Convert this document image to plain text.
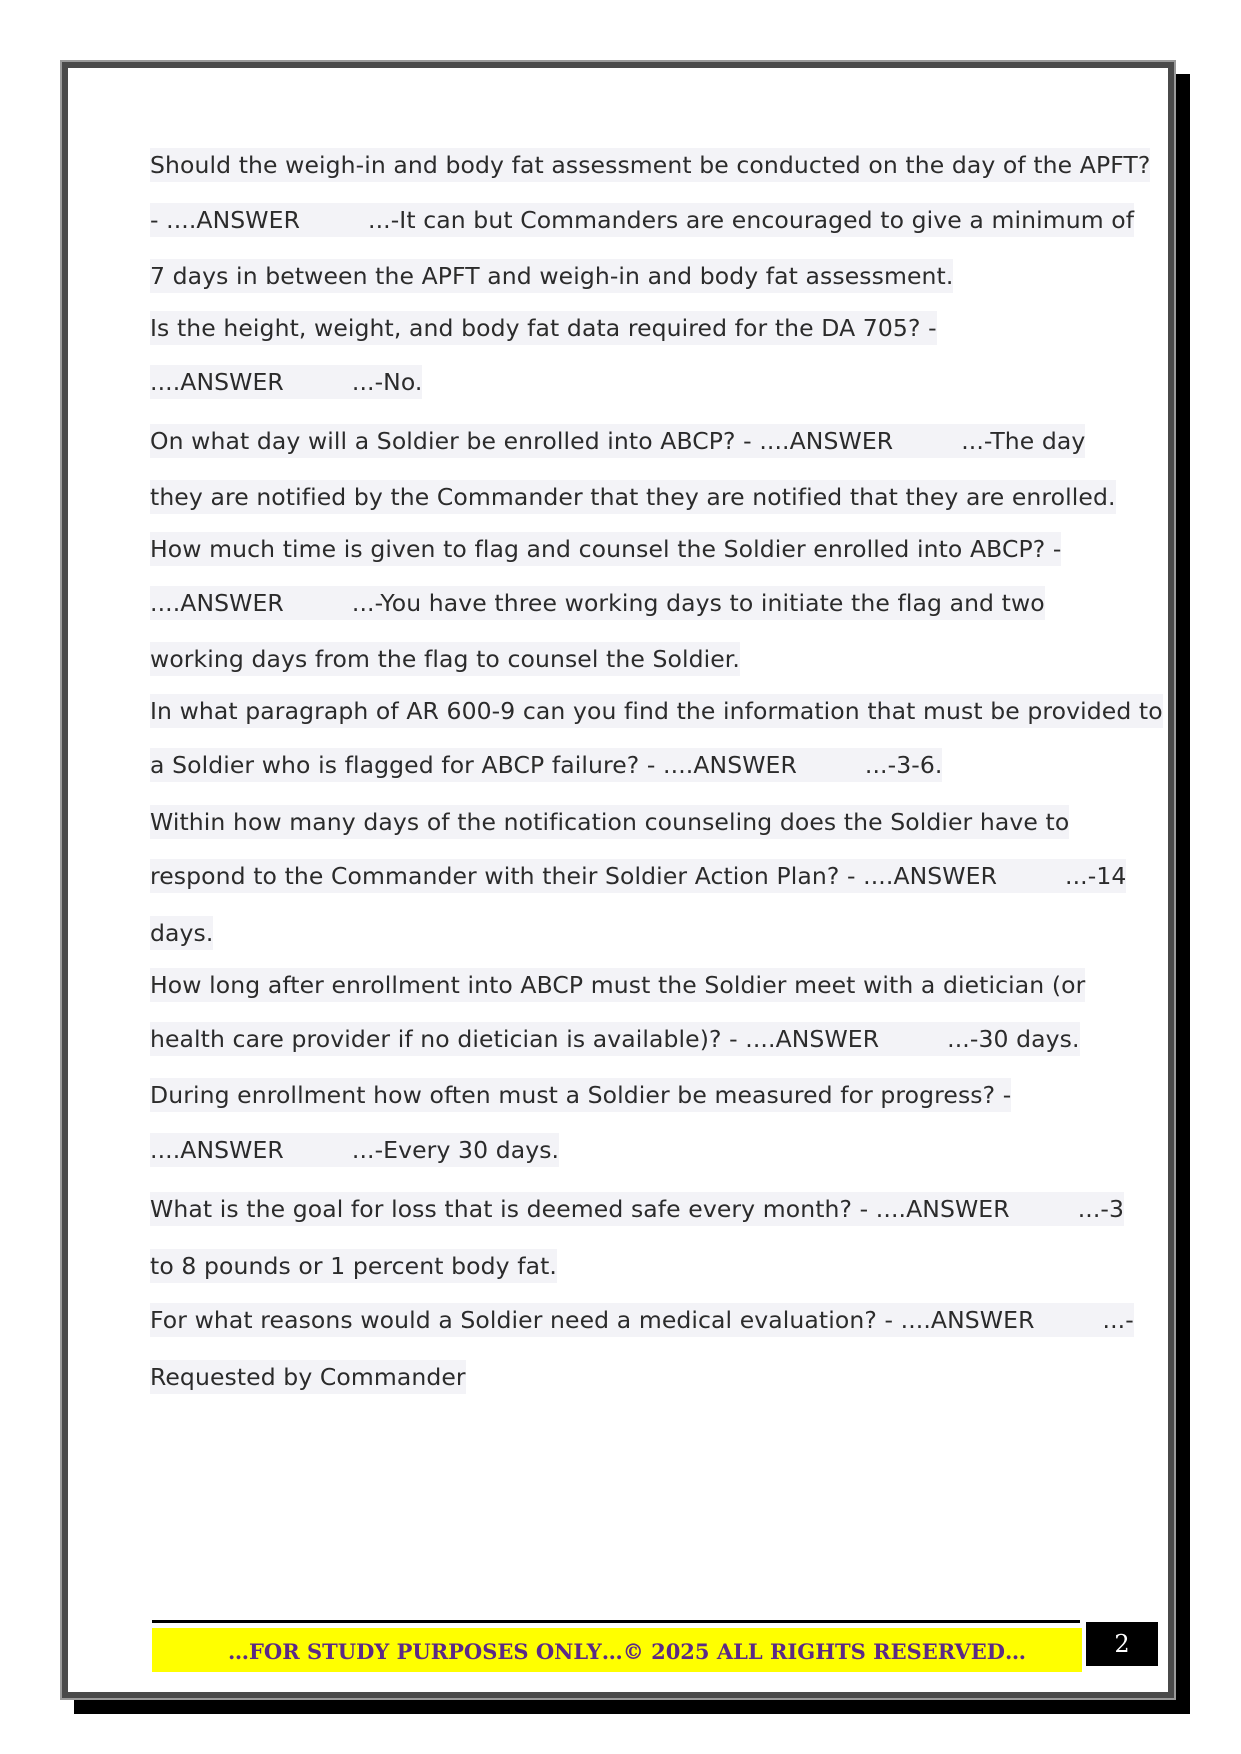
Should the weigh-in and body fat assessment be conducted on the day of the APFT?
- ....ANSWER	...-It can but Commanders are encouraged to give a minimum of
7 days in between the APFT and weigh-in and body fat assessment.
Is the height, weight, and body fat data required for the DA 705? -
....ANSWER	...-No.
On what day will a Soldier be enrolled into ABCP? - ....ANSWER	...-The day
they are notified by the Commander that they are notified that they are enrolled.
How much time is given to flag and counsel the Soldier enrolled into ABCP? -
....ANSWER	...-You have three working days to initiate the flag and two
working days from the flag to counsel the Soldier.
In what paragraph of AR 600-9 can you find the information that must be provided to
a Soldier who is flagged for ABCP failure? - ....ANSWER	...-3-6.
Within how many days of the notification counseling does the Soldier have to
respond to the Commander with their Soldier Action Plan? - ....ANSWER	...-14
days.
How long after enrollment into ABCP must the Soldier meet with a dietician (or
health care provider if no dietician is available)? - ....ANSWER	...-30 days.
During enrollment how often must a Soldier be measured for progress? -
....ANSWER	...-Every 30 days.
What is the goal for loss that is deemed safe every month? - ....ANSWER	...-3
to 8 pounds or 1 percent body fat.
For what reasons would a Soldier need a medical evaluation? - ....ANSWER	...-
Requested by Commander
…FOR STUDY PURPOSES ONLY…© 2025 ALL RIGHTS RESERVED…	2
